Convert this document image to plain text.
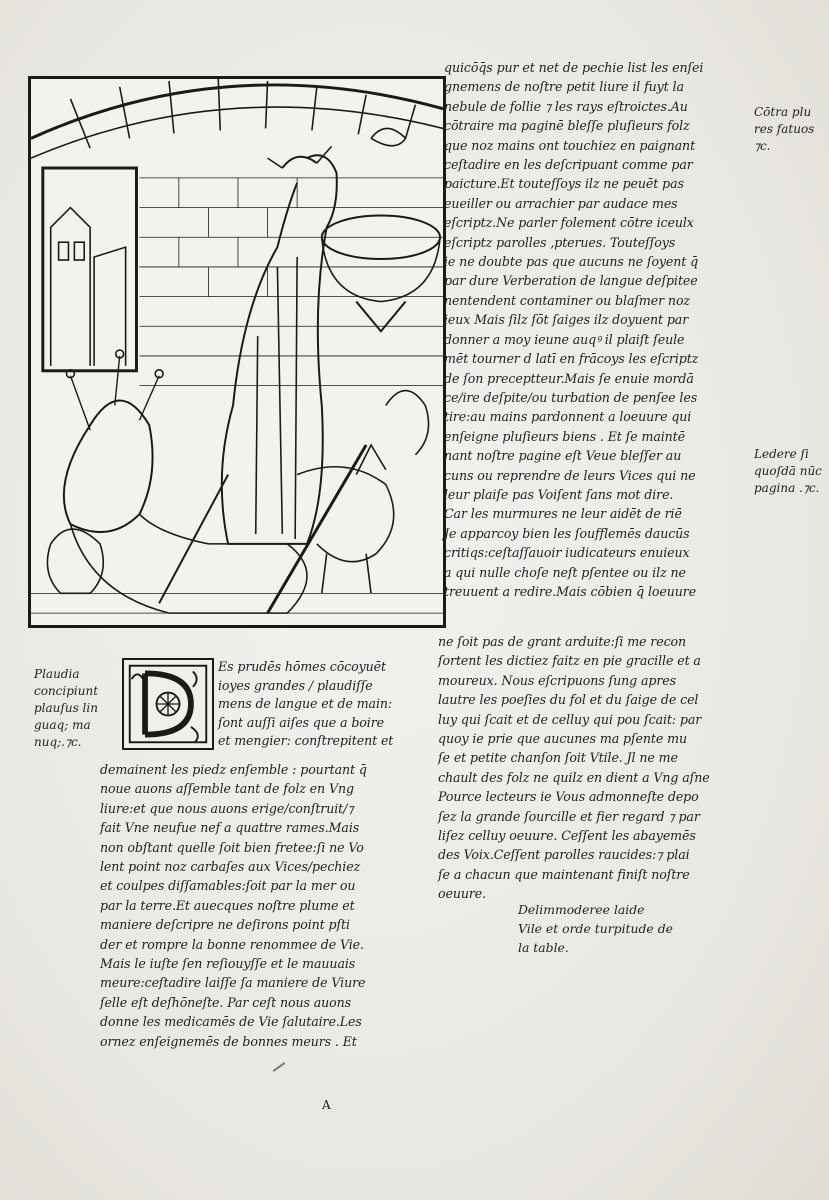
quicōq̄s pur et net de pechie list les enſei

gnemens de noſtre petit liure il fuyt la

nebule de follie ⁊ les rays eſtroictes.Au

cōtraire ma paginē bleſſe pluſieurs folz

que noz mains ont touchiez en paignant

ceſtadire en les deſcripuant comme par

paicture.Et touteſſoys ilz ne peuēt pas

eueiller ou arrachier par audace mes

eſcriptz.Ne parler folement cōtre iceulx

eſcriptz parolles ,pterues. Touteſſoys

ie ne doubte pas que aucuns ne ſoyent q̄

par dure Verberation de langue deſpitee

nentendent contaminer ou blaſmer noz

ieux Mais ſilz ſōt ſaiges ilz doyuent par

donner a moy ieune auqꝰ il plaiſt ſeule

mēt tourner d latī en frācoys les eſcriptz

de ſon preceptteur.Mais ſe enuie mordā

ce/ire deſpite/ou turbation de penſee les

tire:au mains pardonnent a loeuure qui

enſeigne pluſieurs biens . Et ſe maintē

nant noſtre pagine eſt Veue bleſſer au

cuns ou reprendre de leurs Vices qui ne

leur plaiſe pas Voiſent ſans mot dire.

Car les murmures ne leur aidēt de riē

Je apparcoy bien les ſoufflemēs daucūs

critiqs:ceſtaſſauoir iudicateurs enuieux

a qui nulle choſe neſt pſentee ou ilz ne

treuuent a redire.Mais cōbien q̄ loeuure

Cōtra plu
res fatuos
⁊c.
Ledere ſi
quoſdā nūc
pagina .⁊c.

ne ſoit pas de grant arduite:ſi me recon

ſortent les dictiez faitz en pie gracille et a

moureux. Nous eſcripuons ſung apres

lautre les poeſies du fol et du ſaige de cel

luy qui ſcait et de celluy qui pou ſcait: par

quoy ie prie que aucunes ma pſente mu

ſe et petite chanſon ſoit Vtile. Jl ne me

chault des folz ne quilz en dient a Vng aſne

Pource lecteurs ie Vous admonneſte depo

ſez la grande ſourcille et fier regard ⁊ par

liſez celluy oeuure. Ceſſent les abayemēs

des Voix.Ceſſent parolles raucides:⁊ plai

ſe a chacun que maintenant finiſt noſtre

oeuure.

Plaudia
concipiunt
plauſus lin
guaq; ma
nuq;.⁊c.

Es prudēs hōmes cōcoyuēt

ioyes grandes / plaudiſſe

mens de langue et de main:

ſont auſſi aiſes que a boire

et mengier: conſtrepitent et

demainent les piedz enſemble : pourtant q̄

noue auons aſſemble tant de folz en Vng

liure:et que nous auons erige/conſtruit/⁊

fait Vne neufue nef a quattre rames.Mais

non obſtant quelle ſoit bien fretee:ſi ne Vo

lent point noz carbaſes aux Vices/pechiez

et coulpes diſſamables:ſoit par la mer ou

par la terre.Et auecques noſtre plume et

maniere deſcripre ne deſirons point pſti

der et rompre la bonne renommee de Vie.

Mais le iuſte ſen reſiouyſſe et le mauuais

meure:ceſtadire laiſſe ſa maniere de Viure

ſelle eſt deſhōneſte. Par ceſt nous auons

donne les medicamēs de Vie ſalutaire.Les

ornez enſeignemēs de bonnes meurs . Et

Delimmoderee laide

Vile et orde turpitude de

la table.

A
